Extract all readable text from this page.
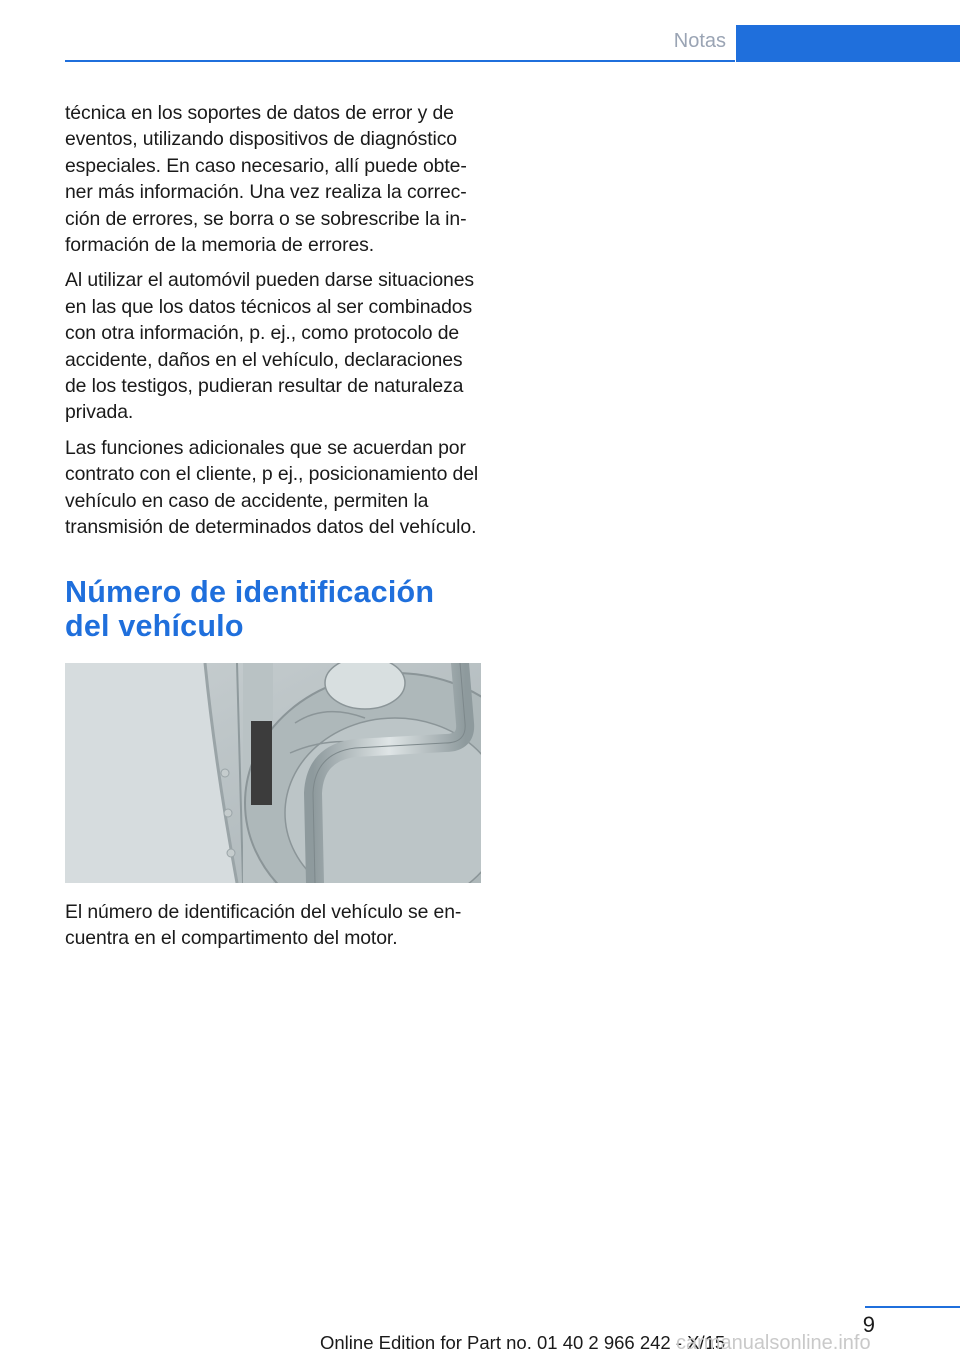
Notas

técnica en los soportes de datos de error y de eventos, utilizando dispositivos de diagnóstico especiales. En caso necesario, allí puede obtener más información. Una vez realiza la corrección de errores, se borra o se sobrescribe la información de la memoria de errores.

Al utilizar el automóvil pueden darse situaciones en las que los datos técnicos al ser combinados con otra información, p. ej., como protocolo de accidente, daños en el vehículo, declaraciones de los testigos, pudieran resultar de naturaleza privada.

Las funciones adicionales que se acuerdan por contrato con el cliente, p ej., posicionamiento del vehículo en caso de accidente, permiten la transmisión de determinados datos del vehículo.

Número de identificación del vehículo

El número de identificación del vehículo se encuentra en el compartimento del motor.

9
Online Edition for Part no. 01 40 2 966 242 - X/15
carmanualsonline.info
